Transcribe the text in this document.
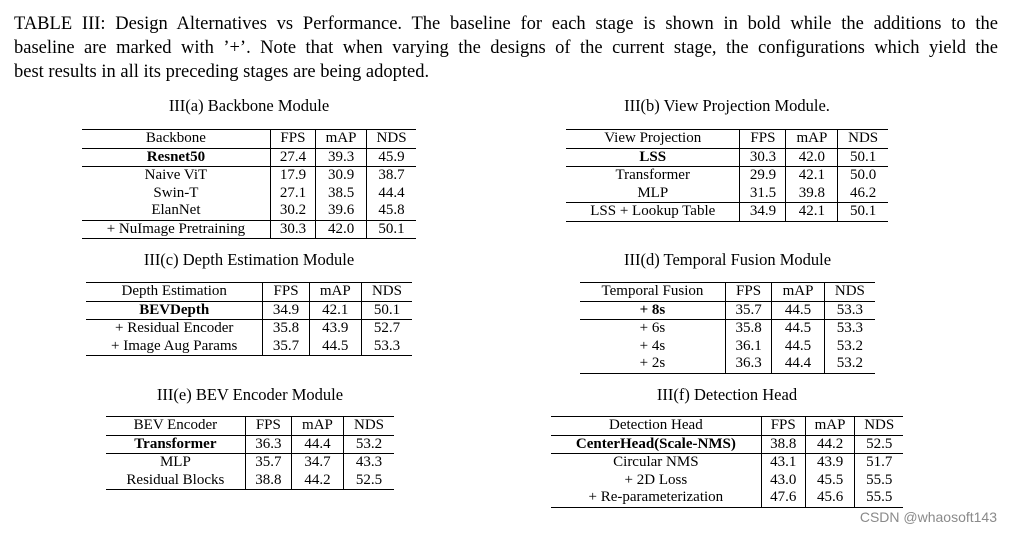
TABLE III: Design Alternatives vs Performance. The baseline for each stage is shown in bold while the additions to the
baseline are marked with ’+’. Note that when varying the designs of the current stage, the configurations which yield the
best results in all its preceding stages are being adopted.
III(a) Backbone Module
Backbone	FPS	mAP	NDS
Resnet50	27.4	39.3	45.9
Naive ViT	17.9	30.9	38.7
Swin-T	27.1	38.5	44.4
ElanNet	30.2	39.6	45.8
+ NuImage Pretraining	30.3	42.0	50.1
III(b) View Projection Module.
View Projection	FPS	mAP	NDS
LSS	30.3	42.0	50.1
Transformer	29.9	42.1	50.0
MLP	31.5	39.8	46.2
LSS + Lookup Table	34.9	42.1	50.1
III(c) Depth Estimation Module
Depth Estimation	FPS	mAP	NDS
BEVDepth	34.9	42.1	50.1
+ Residual Encoder	35.8	43.9	52.7
+ Image Aug Params	35.7	44.5	53.3
III(d) Temporal Fusion Module
Temporal Fusion	FPS	mAP	NDS
+ 8s	35.7	44.5	53.3
+ 6s	35.8	44.5	53.3
+ 4s	36.1	44.5	53.2
+ 2s	36.3	44.4	53.2
III(e) BEV Encoder Module
BEV Encoder	FPS	mAP	NDS
Transformer	36.3	44.4	53.2
MLP	35.7	34.7	43.3
Residual Blocks	38.8	44.2	52.5
III(f) Detection Head
Detection Head	FPS	mAP	NDS
CenterHead(Scale-NMS)	38.8	44.2	52.5
Circular NMS	43.1	43.9	51.7
+ 2D Loss	43.0	45.5	55.5
+ Re-parameterization	47.6	45.6	55.5
CSDN @whaosoft143
